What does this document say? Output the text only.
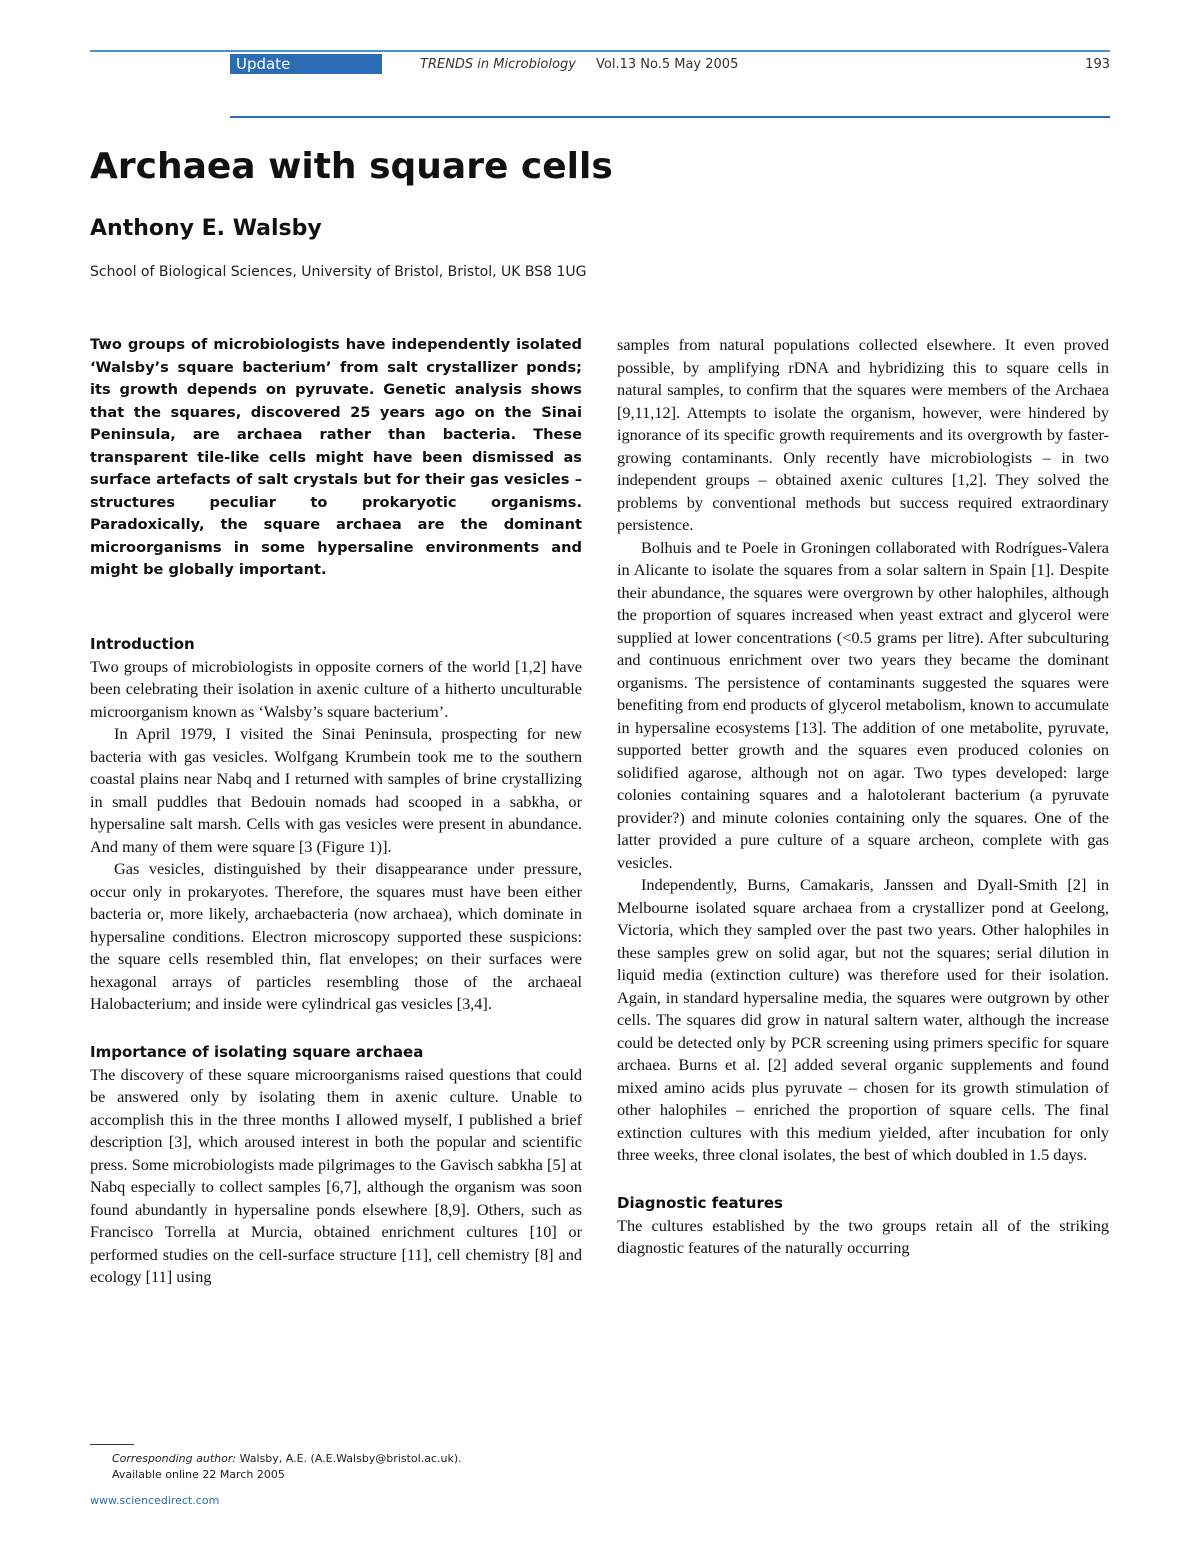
Update	TRENDS in Microbiology Vol.13 No.5 May 2005	193
Archaea with square cells
Anthony E. Walsby
School of Biological Sciences, University of Bristol, Bristol, UK BS8 1UG

Two groups of microbiologists have independently isolated ‘Walsby’s square bacterium’ from salt crystallizer ponds; its growth depends on pyruvate. Genetic analysis shows that the squares, discovered 25 years ago on the Sinai Peninsula, are archaea rather than bacteria. These transparent tile-like cells might have been dismissed as surface artefacts of salt crystals but for their gas vesicles – structures peculiar to prokaryotic organisms. Paradoxically, the square archaea are the dominant microorganisms in some hypersaline environments and might be globally important.

Introduction

Two groups of microbiologists in opposite corners of the world [1,2] have been celebrating their isolation in axenic culture of a hitherto unculturable microorganism known as ‘Walsby’s square bacterium’.

In April 1979, I visited the Sinai Peninsula, prospecting for new bacteria with gas vesicles. Wolfgang Krumbein took me to the southern coastal plains near Nabq and I returned with samples of brine crystallizing in small puddles that Bedouin nomads had scooped in a sabkha, or hypersaline salt marsh. Cells with gas vesicles were present in abundance. And many of them were square [3 (Figure 1)].

Gas vesicles, distinguished by their disappearance under pressure, occur only in prokaryotes. Therefore, the squares must have been either bacteria or, more likely, archaebacteria (now archaea), which dominate in hypersaline conditions. Electron microscopy supported these suspicions: the square cells resembled thin, flat envelopes; on their surfaces were hexagonal arrays of particles resembling those of the archaeal Halobacterium; and inside were cylindrical gas vesicles [3,4].

Importance of isolating square archaea

The discovery of these square microorganisms raised questions that could be answered only by isolating them in axenic culture. Unable to accomplish this in the three months I allowed myself, I published a brief description [3], which aroused interest in both the popular and scientific press. Some microbiologists made pilgrimages to the Gavisch sabkha [5] at Nabq especially to collect samples [6,7], although the organism was soon found abundantly in hypersaline ponds elsewhere [8,9]. Others, such as Francisco Torrella at Murcia, obtained enrichment cultures [10] or performed studies on the cell-surface structure [11], cell chemistry [8] and ecology [11] using

samples from natural populations collected elsewhere. It even proved possible, by amplifying rDNA and hybridizing this to square cells in natural samples, to confirm that the squares were members of the Archaea [9,11,12]. Attempts to isolate the organism, however, were hindered by ignorance of its specific growth requirements and its overgrowth by faster-growing contaminants. Only recently have microbiologists – in two independent groups – obtained axenic cultures [1,2]. They solved the problems by conventional methods but success required extraordinary persistence.

Bolhuis and te Poele in Groningen collaborated with Rodrígues-Valera in Alicante to isolate the squares from a solar saltern in Spain [1]. Despite their abundance, the squares were overgrown by other halophiles, although the proportion of squares increased when yeast extract and glycerol were supplied at lower concentrations (<0.5 grams per litre). After subculturing and continuous enrichment over two years they became the dominant organisms. The persistence of contaminants suggested the squares were benefiting from end products of glycerol metabolism, known to accumulate in hypersaline ecosystems [13]. The addition of one metabolite, pyruvate, supported better growth and the squares even produced colonies on solidified agarose, although not on agar. Two types developed: large colonies containing squares and a halotolerant bacterium (a pyruvate provider?) and minute colonies containing only the squares. One of the latter provided a pure culture of a square archeon, complete with gas vesicles.

Independently, Burns, Camakaris, Janssen and Dyall-Smith [2] in Melbourne isolated square archaea from a crystallizer pond at Geelong, Victoria, which they sampled over the past two years. Other halophiles in these samples grew on solid agar, but not the squares; serial dilution in liquid media (extinction culture) was therefore used for their isolation. Again, in standard hypersaline media, the squares were outgrown by other cells. The squares did grow in natural saltern water, although the increase could be detected only by PCR screening using primers specific for square archaea. Burns et al. [2] added several organic supplements and found mixed amino acids plus pyruvate – chosen for its growth stimulation of other halophiles – enriched the proportion of square cells. The final extinction cultures with this medium yielded, after incubation for only three weeks, three clonal isolates, the best of which doubled in 1.5 days.

Diagnostic features

The cultures established by the two groups retain all of the striking diagnostic features of the naturally occurring

Corresponding author: Walsby, A.E. (A.E.Walsby@bristol.ac.uk).
Available online 22 March 2005
www.sciencedirect.com
